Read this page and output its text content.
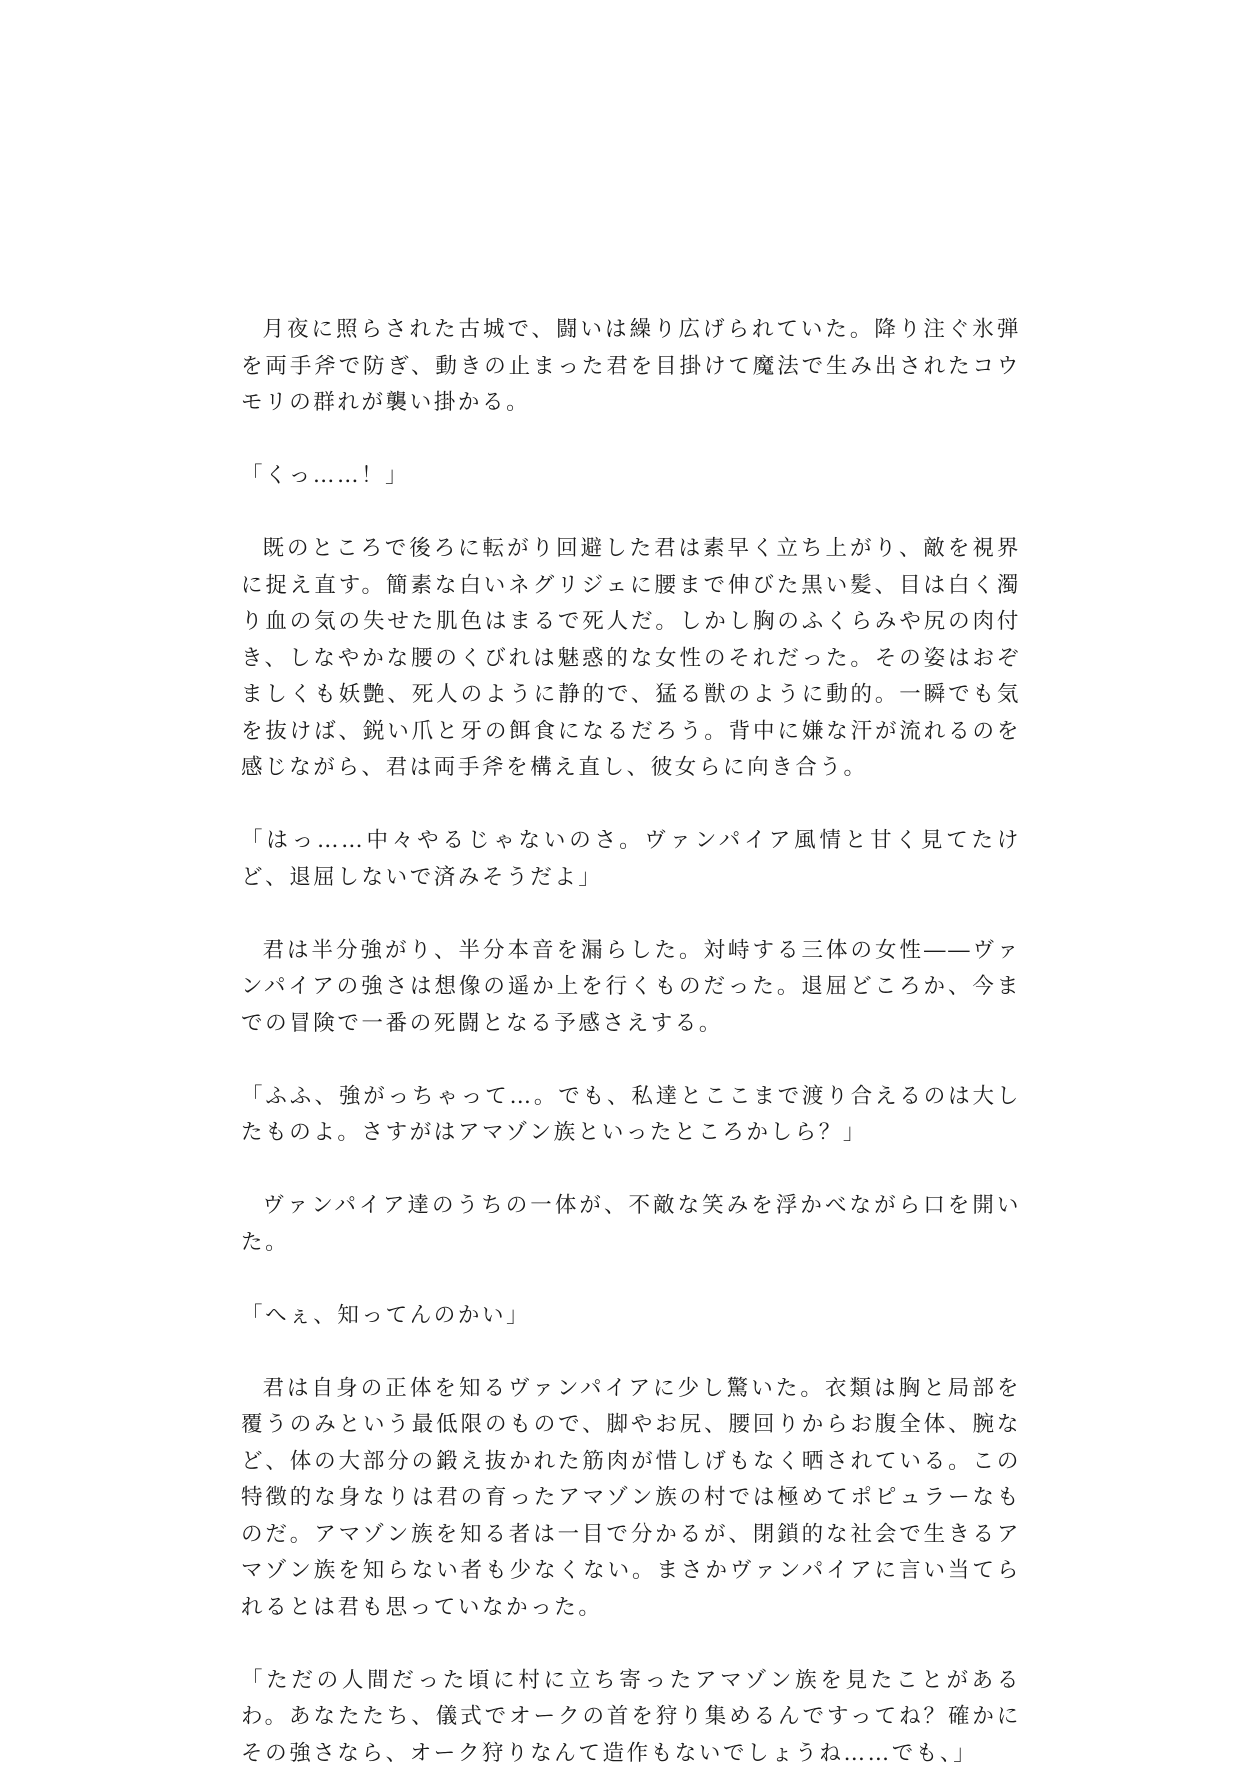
月夜に照らされた古城で、闘いは繰り広げられていた。降り注ぐ氷弾を両手斧で防ぎ、動きの止まった君を目掛けて魔法で生み出されたコウモリの群れが襲い掛かる。

「くっ……！」

既のところで後ろに転がり回避した君は素早く立ち上がり、敵を視界に捉え直す。簡素な白いネグリジェに腰まで伸びた黒い髪、目は白く濁り血の気の失せた肌色はまるで死人だ。しかし胸のふくらみや尻の肉付き、しなやかな腰のくびれは魅惑的な女性のそれだった。その姿はおぞましくも妖艶、死人のように静的で、猛る獣のように動的。一瞬でも気を抜けば、鋭い爪と牙の餌食になるだろう。背中に嫌な汗が流れるのを感じながら、君は両手斧を構え直し、彼女らに向き合う。

「はっ……中々やるじゃないのさ。ヴァンパイア風情と甘く見てたけど、退屈しないで済みそうだよ」

君は半分強がり、半分本音を漏らした。対峙する三体の女性――ヴァンパイアの強さは想像の遥か上を行くものだった。退屈どころか、今までの冒険で一番の死闘となる予感さえする。

「ふふ、強がっちゃって…。でも、私達とここまで渡り合えるのは大したものよ。さすがはアマゾン族といったところかしら？」

ヴァンパイア達のうちの一体が、不敵な笑みを浮かべながら口を開いた。

「へぇ、知ってんのかい」

君は自身の正体を知るヴァンパイアに少し驚いた。衣類は胸と局部を覆うのみという最低限のもので、脚やお尻、腰回りからお腹全体、腕など、体の大部分の鍛え抜かれた筋肉が惜しげもなく晒されている。この特徴的な身なりは君の育ったアマゾン族の村では極めてポピュラーなものだ。アマゾン族を知る者は一目で分かるが、閉鎖的な社会で生きるアマゾン族を知らない者も少なくない。まさかヴァンパイアに言い当てられるとは君も思っていなかった。

「ただの人間だった頃に村に立ち寄ったアマゾン族を見たことがあるわ。あなたたち、儀式でオークの首を狩り集めるんですってね？確かにその強さなら、オーク狩りなんて造作もないでしょうね……でも、」
